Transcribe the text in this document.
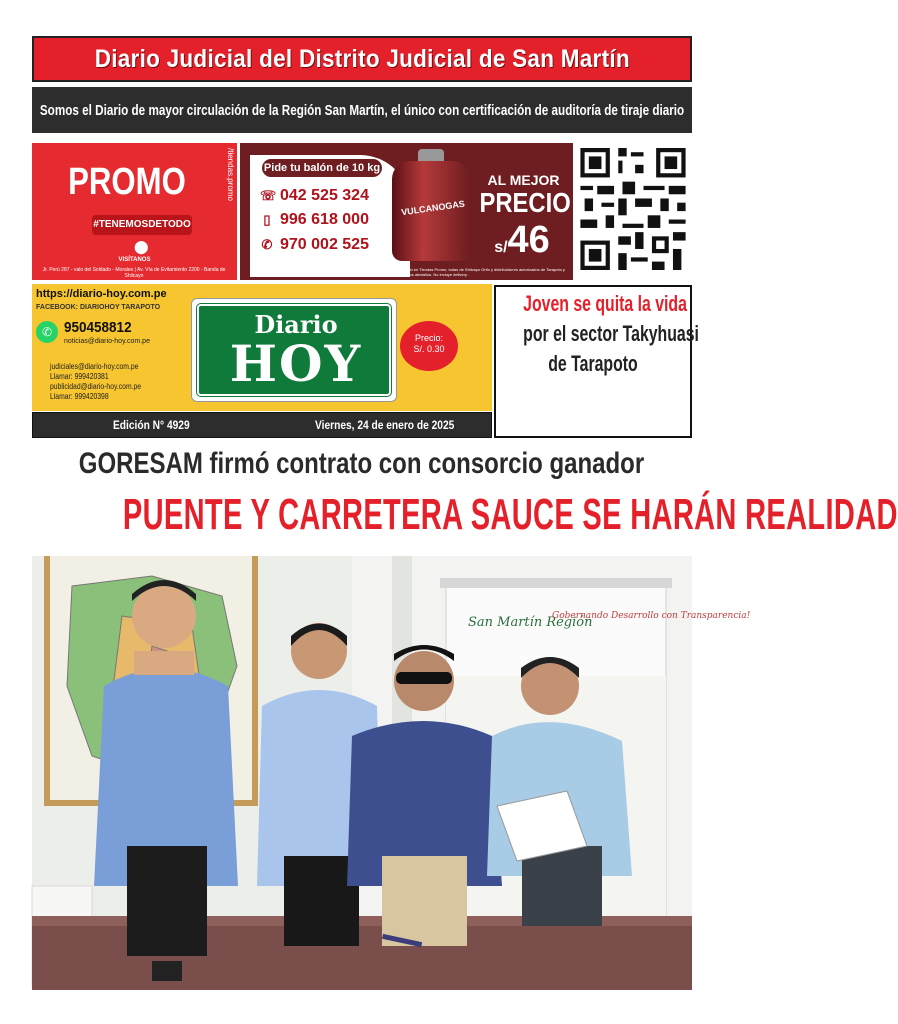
Diario Judicial del Distrito Judicial de San Martín
Somos el Diario de mayor circulación de la Región San Martín, el único con certificación de auditoría de tiraje diario
PROMO
#TENEMOSDETODO
⬤
VISÍTANOS
Jr. Perú 287 - valo del Soldado - Morales | Av. Vía de Evitamiento 2200 - Banda de Shilcayo
/tiendas.promo	Pide tu balón de 10 kg
☏ 042 525 324
▯ 996 618 000
✆ 970 002 525
VULCANOGAS
AL MEJOR
PRECIO
s/46
*Válido en Tiendas Promo, todas de Shilcayo Grifo y distribuidores autorizados de Tarapoto y distritos aledaños. No incluye delivery.
https://diario-hoy.com.pe
FACEBOOK: DIARIOHOY TARAPOTO
✆ 950458812
noticias@diario-hoy.com.pe
judiciales@diario-hoy.com.pe
Llamar: 999420381
publicidad@diario-hoy.com.pe
Llamar: 999420398
Diario
HOY	Precio:
S/. 0.30
Edición N° 4929	Viernes, 24 de enero de 2025
Joven se quita la vida
por el sector Takyhuasi
de Tarapoto
GORESAM firmó contrato con consorcio ganador
PUENTE Y CARRETERA SAUCE SE HARÁN REALIDAD
San Martín Región
Gobernando Desarrollo con Transparencia!
